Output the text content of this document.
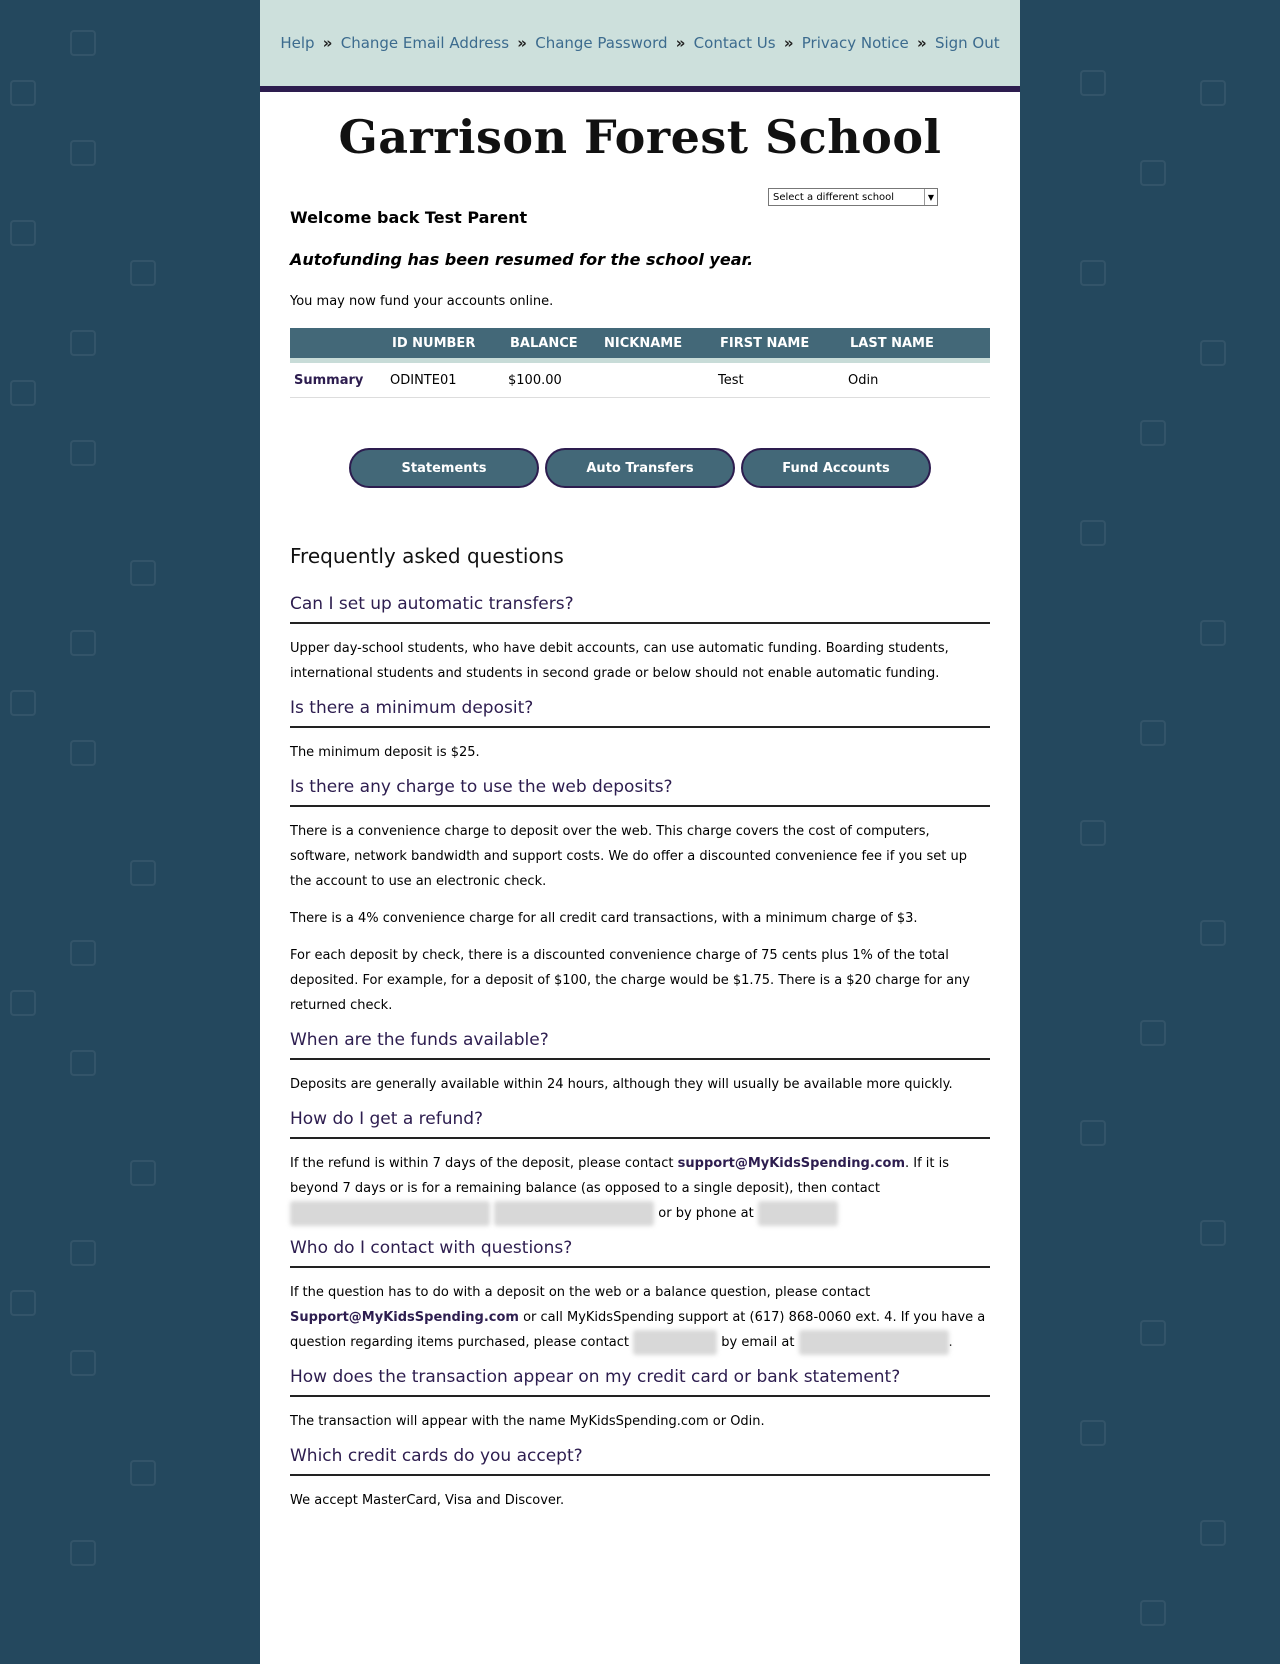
Help » Change Email Address » Change Password » Contact Us » Privacy Notice » Sign Out
Garrison Forest School
Select a different school	▼

Welcome back Test Parent

Autofunding has been resumed for the school year.

You may now fund your accounts online.

	ID NUMBER	BALANCE	NICKNAME	FIRST NAME	LAST NAME
Summary	ODINTE01	$100.00		Test	Odin
Statements	Auto Transfers	Fund Accounts
Frequently asked questions
Can I set up automatic transfers?

Upper day-school students, who have debit accounts, can use automatic funding. Boarding students, international students and students in second grade or below should not enable automatic funding.

Is there a minimum deposit?

The minimum deposit is $25.

Is there any charge to use the web deposits?

There is a convenience charge to deposit over the web. This charge covers the cost of computers, software, network bandwidth and support costs. We do offer a discounted convenience fee if you set up the account to use an electronic check.

There is a 4% convenience charge for all credit card transactions, with a minimum charge of $3.

For each deposit by check, there is a discounted convenience charge of 75 cents plus 1% of the total deposited. For example, for a deposit of $100, the charge would be $1.75. There is a $20 charge for any returned check.

When are the funds available?

Deposits are generally available within 24 hours, although they will usually be available more quickly.

How do I get a refund?

If the refund is within 7 days of the deposit, please contact support@MyKidsSpending.com. If it is beyond 7 days or is for a remaining balance (as opposed to a single deposit), then contact   or by phone at

Who do I contact with questions?

If the question has to do with a deposit on the web or a balance question, please contact Support@MyKidsSpending.com or call MyKidsSpending support at (617) 868-0060 ext. 4. If you have a question regarding items purchased, please contact	by email at	.

How does the transaction appear on my credit card or bank statement?

The transaction will appear with the name MyKidsSpending.com or Odin.

Which credit cards do you accept?

We accept MasterCard, Visa and Discover.
